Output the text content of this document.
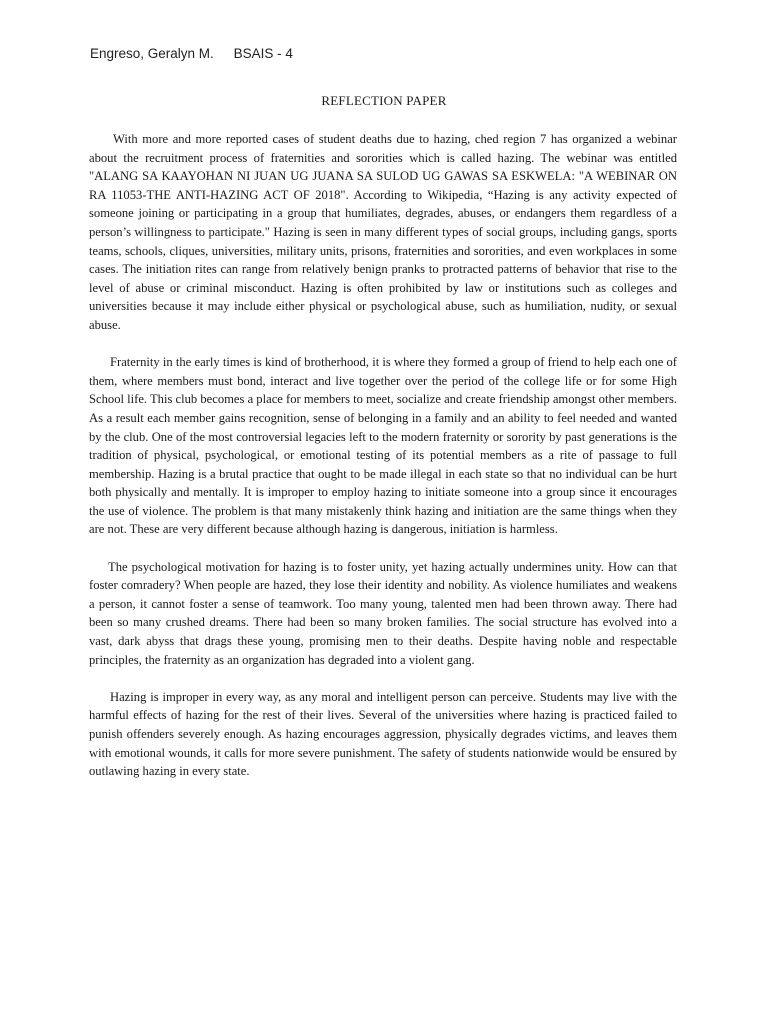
Engreso, Geralyn M. BSAIS - 4
REFLECTION PAPER

With more and more reported cases of student deaths due to hazing, ched region 7 has organized a webinar about the recruitment process of fraternities and sororities which is called hazing. The webinar was entitled "ALANG SA KAAYOHAN NI JUAN UG JUANA SA SULOD UG GAWAS SA ESKWELA: "A WEBINAR ON RA 11053-THE ANTI-HAZING ACT OF 2018". According to Wikipedia, “Hazing is any activity expected of someone joining or participating in a group that humiliates, degrades, abuses, or endangers them regardless of a person’s willingness to participate." Hazing is seen in many different types of social groups, including gangs, sports teams, schools, cliques, universities, military units, prisons, fraternities and sororities, and even workplaces in some cases. The initiation rites can range from relatively benign pranks to protracted patterns of behavior that rise to the level of abuse or criminal misconduct. Hazing is often prohibited by law or institutions such as colleges and universities because it may include either physical or psychological abuse, such as humiliation, nudity, or sexual abuse.

Fraternity in the early times is kind of brotherhood, it is where they formed a group of friend to help each one of them, where members must bond, interact and live together over the period of the college life or for some High School life. This club becomes a place for members to meet, socialize and create friendship amongst other members. As a result each member gains recognition, sense of belonging in a family and an ability to feel needed and wanted by the club. One of the most controversial legacies left to the modern fraternity or sorority by past generations is the tradition of physical, psychological, or emotional testing of its potential members as a rite of passage to full membership. Hazing is a brutal practice that ought to be made illegal in each state so that no individual can be hurt both physically and mentally. It is improper to employ hazing to initiate someone into a group since it encourages the use of violence. The problem is that many mistakenly think hazing and initiation are the same things when they are not. These are very different because although hazing is dangerous, initiation is harmless.

The psychological motivation for hazing is to foster unity, yet hazing actually undermines unity. How can that foster comradery? When people are hazed, they lose their identity and nobility. As violence humiliates and weakens a person, it cannot foster a sense of teamwork. Too many young, talented men had been thrown away. There had been so many crushed dreams. There had been so many broken families. The social structure has evolved into a vast, dark abyss that drags these young, promising men to their deaths. Despite having noble and respectable principles, the fraternity as an organization has degraded into a violent gang.

Hazing is improper in every way, as any moral and intelligent person can perceive. Students may live with the harmful effects of hazing for the rest of their lives. Several of the universities where hazing is practiced failed to punish offenders severely enough. As hazing encourages aggression, physically degrades victims, and leaves them with emotional wounds, it calls for more severe punishment. The safety of students nationwide would be ensured by outlawing hazing in every state.
